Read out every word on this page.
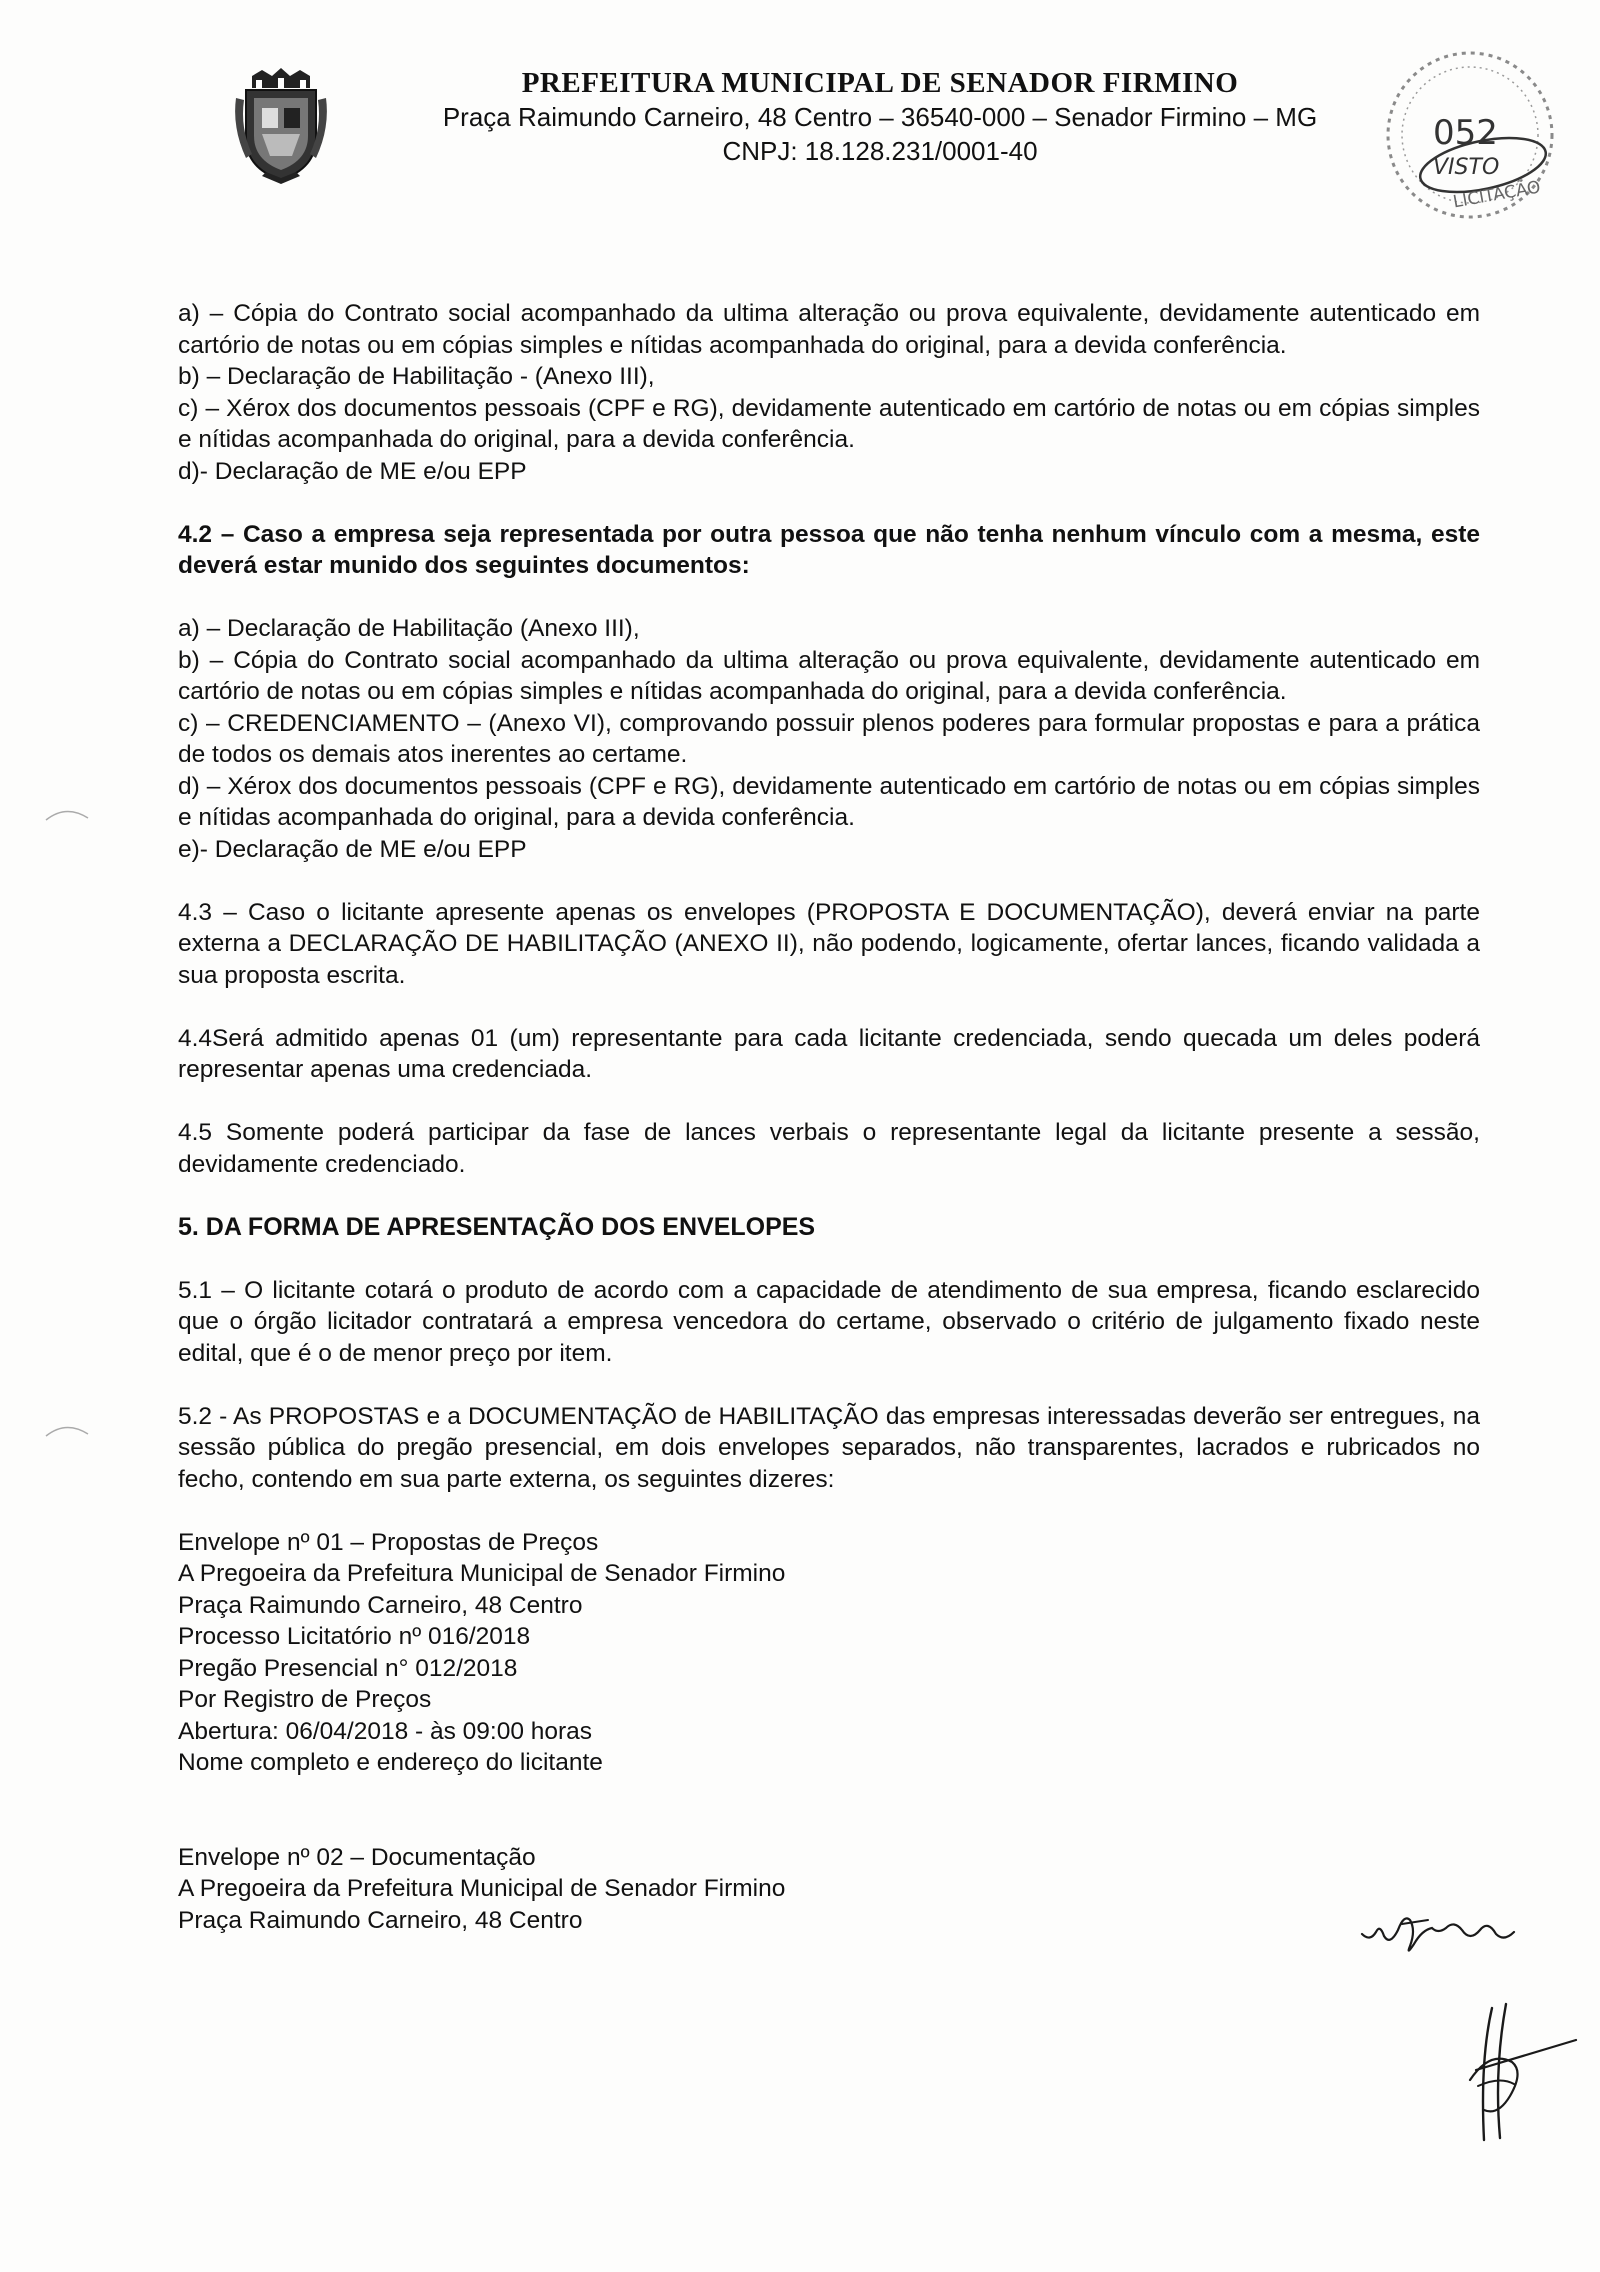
PREFEITURA MUNICIPAL DE SENADOR FIRMINO
Praça Raimundo Carneiro, 48 Centro – 36540-000 – Senador Firmino – MG
CNPJ: 18.128.231/0001-40	052
VISTO
LICITAÇÃO

a) – Cópia do Contrato social acompanhado da ultima alteração ou prova equivalente, devidamente autenticado em cartório de notas ou em cópias simples e nítidas acompanhada do original, para a devida conferência.

b) – Declaração de Habilitação - (Anexo III),

c) – Xérox dos documentos pessoais (CPF e RG), devidamente autenticado em cartório de notas ou em cópias simples e nítidas acompanhada do original, para a devida conferência.

d)- Declaração de ME e/ou EPP

4.2 – Caso a empresa seja representada por outra pessoa que não tenha nenhum vínculo com a mesma, este deverá estar munido dos seguintes documentos:

a) – Declaração de Habilitação (Anexo III),

b) – Cópia do Contrato social acompanhado da ultima alteração ou prova equivalente, devidamente autenticado em cartório de notas ou em cópias simples e nítidas acompanhada do original, para a devida conferência.

c) – CREDENCIAMENTO – (Anexo VI), comprovando possuir plenos poderes para formular propostas e para a prática de todos os demais atos inerentes ao certame.

d) – Xérox dos documentos pessoais (CPF e RG), devidamente autenticado em cartório de notas ou em cópias simples e nítidas acompanhada do original, para a devida conferência.

e)- Declaração de ME e/ou EPP

4.3 – Caso o licitante apresente apenas os envelopes (PROPOSTA E DOCUMENTAÇÃO), deverá enviar na parte externa a DECLARAÇÃO DE HABILITAÇÃO (ANEXO II), não podendo, logicamente, ofertar lances, ficando validada a sua proposta escrita.

4.4Será admitido apenas 01 (um) representante para cada licitante credenciada, sendo quecada um deles poderá representar apenas uma credenciada.

4.5 Somente poderá participar da fase de lances verbais o representante legal da licitante presente a sessão, devidamente credenciado.

5. DA FORMA DE APRESENTAÇÃO DOS ENVELOPES

5.1 – O licitante cotará o produto de acordo com a capacidade de atendimento de sua empresa, ficando esclarecido que o órgão licitador contratará a empresa vencedora do certame, observado o critério de julgamento fixado neste edital, que é o de menor preço por item.

5.2 - As PROPOSTAS e a DOCUMENTAÇÃO de HABILITAÇÃO das empresas interessadas deverão ser entregues, na sessão pública do pregão presencial, em dois envelopes separados, não transparentes, lacrados e rubricados no fecho, contendo em sua parte externa, os seguintes dizeres:

Envelope nº 01 – Propostas de Preços

A Pregoeira da Prefeitura Municipal de Senador Firmino

Praça Raimundo Carneiro, 48 Centro

Processo Licitatório nº 016/2018

Pregão Presencial n° 012/2018

Por Registro de Preços

Abertura: 06/04/2018 - às 09:00 horas

Nome completo e endereço do licitante

Envelope nº 02 – Documentação

A Pregoeira da Prefeitura Municipal de Senador Firmino

Praça Raimundo Carneiro, 48 Centro
